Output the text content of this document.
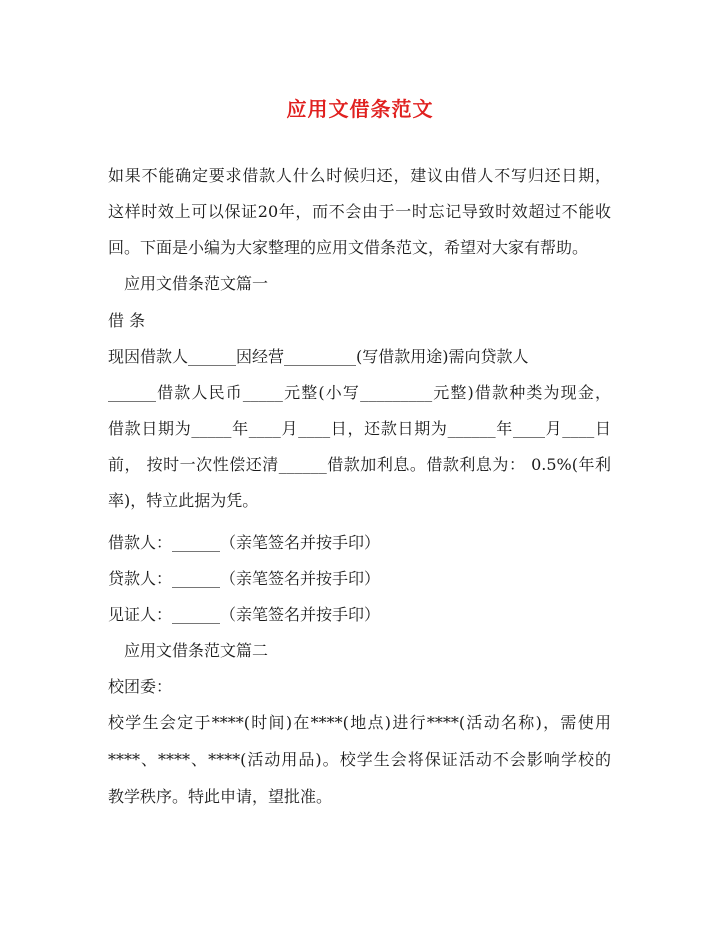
应用文借条范文
如果不能确定要求借款人什么时候归还，建议由借人不写归还日期，
这样时效上可以保证20年，而不会由于一时忘记导致时效超过不能收
回。下面是小编为大家整理的应用文借条范文，希望对大家有帮助。
应用文借条范文篇一
借 条
现因借款人______因经营_________(写借款用途)需向贷款人
______借款人民币_____元整(小写_________元整)借款种类为现金，
借款日期为_____年____月____日，还款日期为______年____月____日
前， 按时一次性偿还清______借款加利息。借款利息为： 0.5%(年利
率)，特立此据为凭。
借款人：______（亲笔签名并按手印）
贷款人：______（亲笔签名并按手印）
见证人：______（亲笔签名并按手印）
应用文借条范文篇二
校团委：
校学生会定于****(时间)在****(地点)进行****(活动名称)，需使用
****、****、****(活动用品)。校学生会将保证活动不会影响学校的
教学秩序。特此申请，望批准。
